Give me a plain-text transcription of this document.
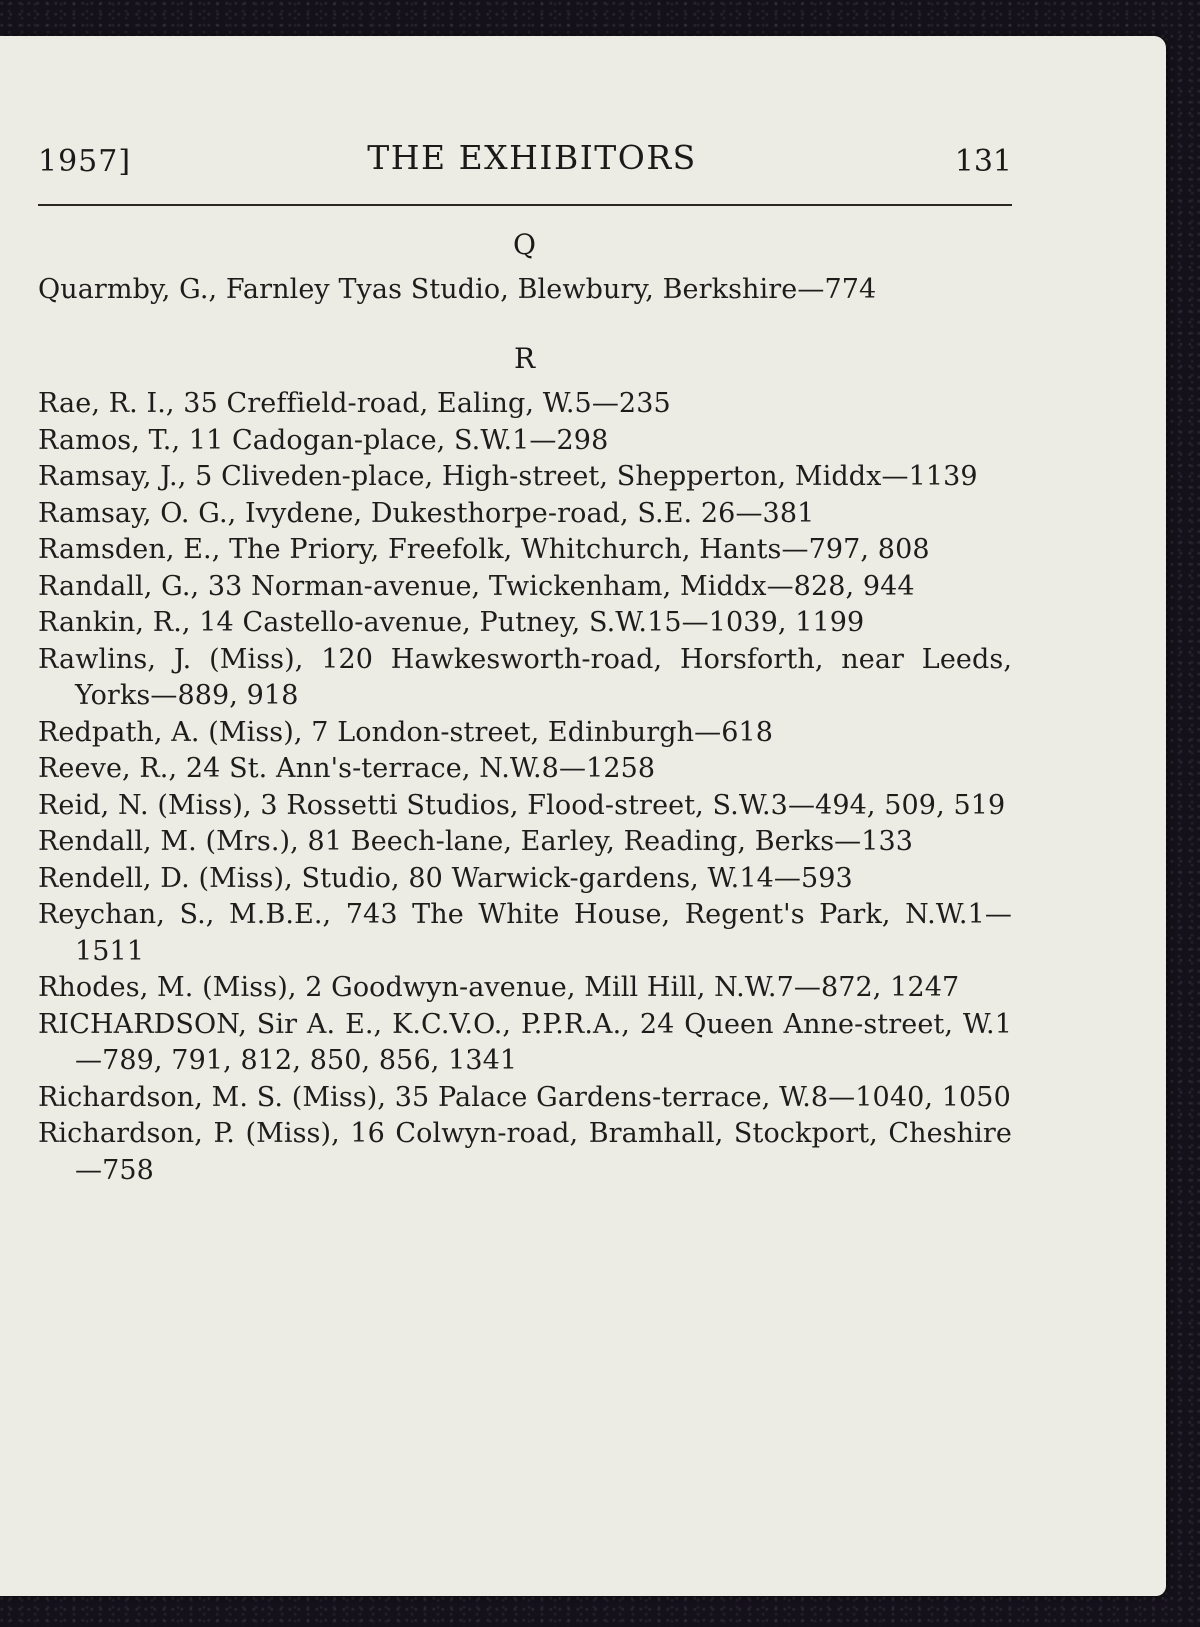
1957]	THE EXHIBITORS	131
Q
Quarmby, G., Farnley Tyas Studio, Blewbury, Berkshire—774
R
Rae, R. I., 35 Creffield-road, Ealing, W.5—235
Ramos, T., 11 Cadogan-place, S.W.1—298
Ramsay, J., 5 Cliveden-place, High-street, Shepperton, Middx—1139
Ramsay, O. G., Ivydene, Dukesthorpe-road, S.E. 26—381
Ramsden, E., The Priory, Freefolk, Whitchurch, Hants—797, 808
Randall, G., 33 Norman-avenue, Twickenham, Middx—828, 944
Rankin, R., 14 Castello-avenue, Putney, S.W.15—1039, 1199
Rawlins, J. (Miss), 120 Hawkesworth-road, Horsforth, near Leeds, Yorks—889, 918
Redpath, A. (Miss), 7 London-street, Edinburgh—618
Reeve, R., 24 St. Ann's-terrace, N.W.8—1258
Reid, N. (Miss), 3 Rossetti Studios, Flood-street, S.W.3—494, 509, 519
Rendall, M. (Mrs.), 81 Beech-lane, Earley, Reading, Berks—133
Rendell, D. (Miss), Studio, 80 Warwick-gardens, W.14—593
Reychan, S., M.B.E., 743 The White House, Regent's Park, N.W.1—1511
Rhodes, M. (Miss), 2 Goodwyn-avenue, Mill Hill, N.W.7—872, 1247
RICHARDSON, Sir A. E., K.C.V.O., P.P.R.A., 24 Queen Anne-street, W.1—789, 791, 812, 850, 856, 1341
Richardson, M. S. (Miss), 35 Palace Gardens-terrace, W.8—1040, 1050
Richardson, P. (Miss), 16 Colwyn-road, Bramhall, Stockport, Cheshire—758
